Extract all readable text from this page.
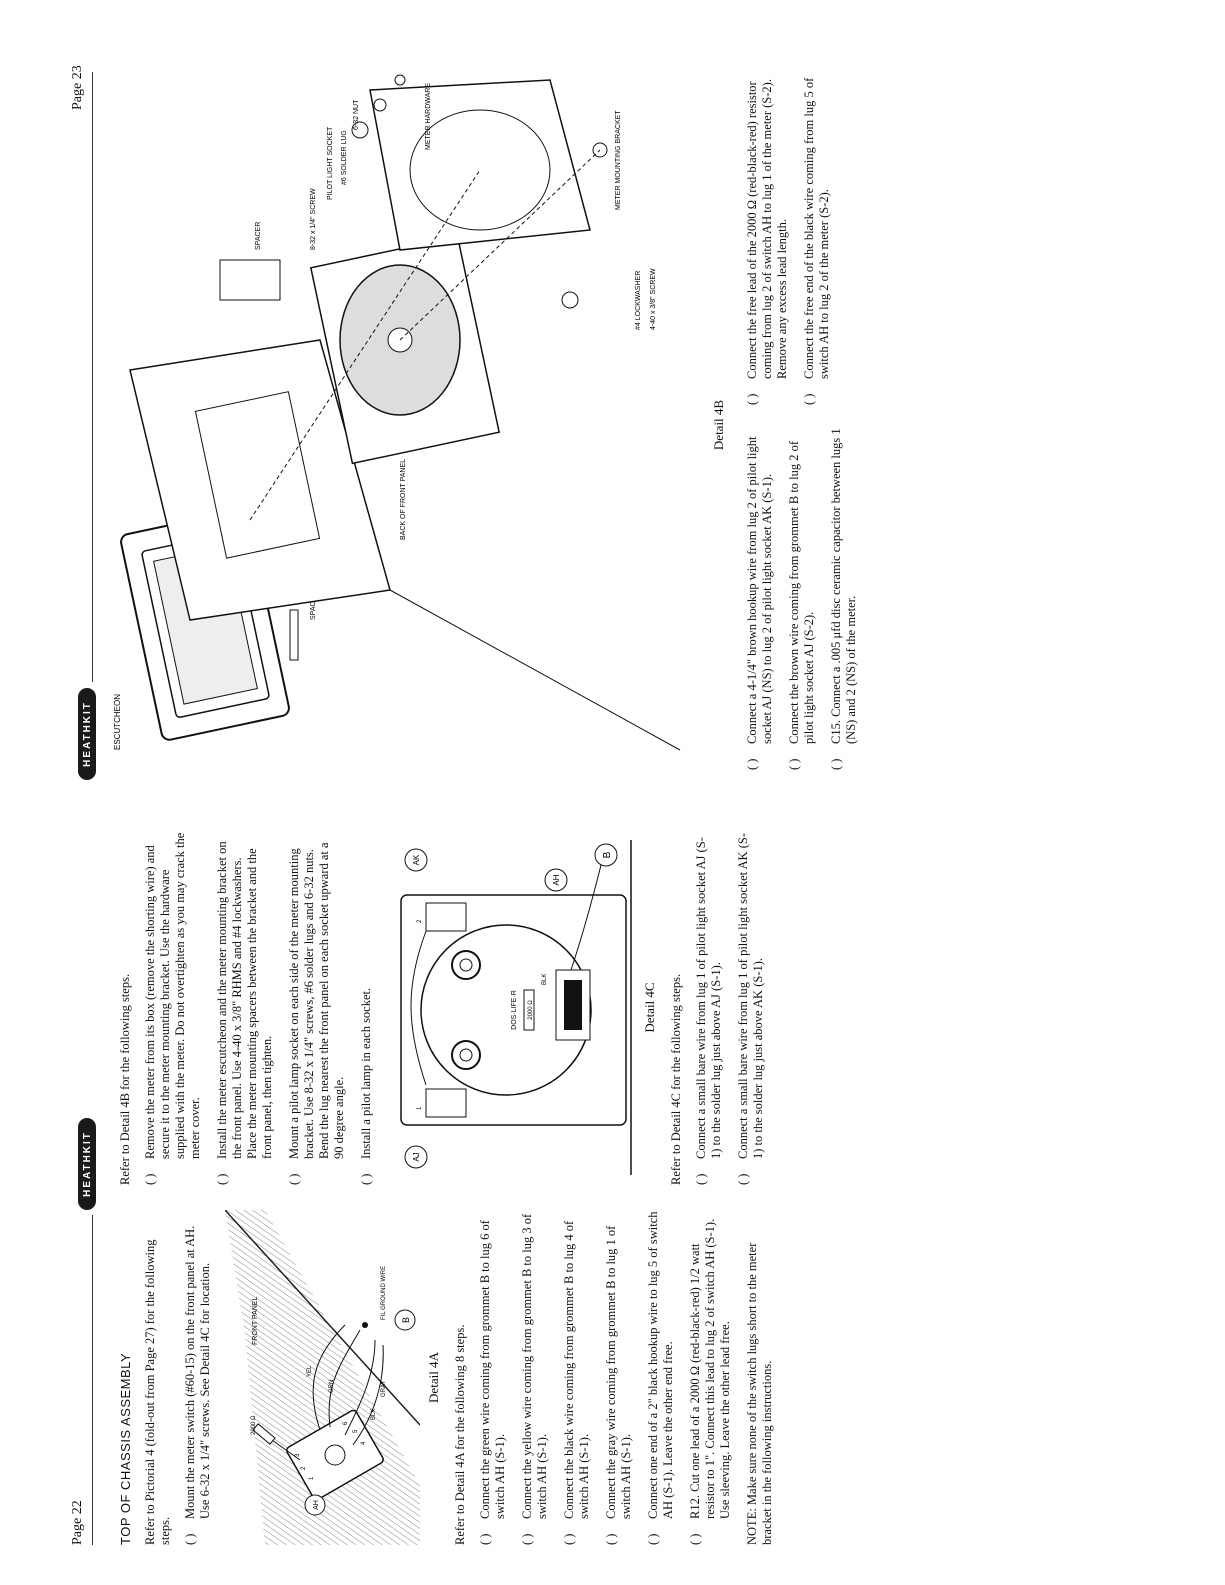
Page 22
HEATHKIT
TOP OF CHASSIS ASSEMBLY Refer to Pictorial 4 (fold-out from Page 27) for the following steps. ( )
Mount the meter switch (#60-15) on the front panel at AH. Use 6-32 x 1/4" screws. See Detail 4C for location.	FRONT PANEL
1
2
3
4
5
6
2000 Ω
YEL
GRN	GRAY
BLK
FIL GROUND WIRE
AH
B
Detail 4A Refer to Detail 4A for the following 8 steps. ( )
Connect the green wire coming from grommet B to lug 6 of switch AH (S-1).
( )
Connect the yellow wire coming from grommet B to lug 3 of switch AH (S-1).
( )
Connect the black wire coming from grommet B to lug 4 of switch AH (S-1).
( )
Connect the gray wire coming from grommet B to lug 1 of switch AH (S-1).
( )
Connect one end of a 2" black hookup wire to lug 5 of switch AH (S-1). Leave the other end free.
( )
R12. Cut one lead of a 2000 Ω (red-black-red) 1/2 watt resistor to 1". Connect this lead to lug 2 of switch AH (S-1). Use sleeving. Leave the other lead free. NOTE: Make sure none of the switch lugs short to the meter bracket in the following instructions.

Refer to Detail 4B for the following steps. ( )
Remove the meter from its box (remove the shorting wire) and secure it to the meter mounting bracket. Use the hardware supplied with the meter. Do not overtighten as you may crack the meter cover.
( )
Install the meter escutcheon and the meter mounting bracket on the front panel. Use 4-40 x 3/8" RHMS and #4 lockwashers. Place the meter mounting spacers between the bracket and the front panel, then tighten.
( )
Mount a pilot lamp socket on each side of the meter mounting bracket. Use 8-32 x 1/4" screws, #6 solder lugs and 6-32 nuts. Bend the lug nearest the front panel on each socket upward at a 90 degree angle.
( )
Install a pilot lamp in each socket.	DOS·LIFE·R 2000 Ω
BLK
1
2
AJ
AK
AH
B
Detail 4C Refer to Detail 4C for the following steps. ( )
Connect a small bare wire from lug 1 of pilot light socket AJ (S-1) to the solder lug just above AJ (S-1).
( )
Connect a small bare wire from lug 1 of pilot light socket AK (S-1) to the solder lug just above AK (S-1).
HEATHKIT
Page 23
ESCUTCHEON
SPACER
BACK OF FRONT PANEL
SPACER	8-32 x 1/4" SCREW
PILOT LIGHT SOCKET #6 SOLDER LUG
6-32 NUT	METER HARDWARE	METER MOUNTING BRACKET
#4 LOCKWASHER 4-40 x 3/8" SCREW
Detail 4B
( )
Connect a 4-1/4" brown hookup wire from lug 2 of pilot light socket AJ (NS) to lug 2 of pilot light socket AK (S-1).
( )
Connect the brown wire coming from grommet B to lug 2 of pilot light socket AJ (S-2).
( )
C15. Connect a .005 μfd disc ceramic capacitor between lugs 1 (NS) and 2 (NS) of the meter.
( )
Connect the free lead of the 2000 Ω (red-black-red) resistor coming from lug 2 of switch AH to lug 1 of the meter (S-2). Remove any excess lead length.
( )
Connect the free end of the black wire coming from lug 5 of switch AH to lug 2 of the meter (S-2).
